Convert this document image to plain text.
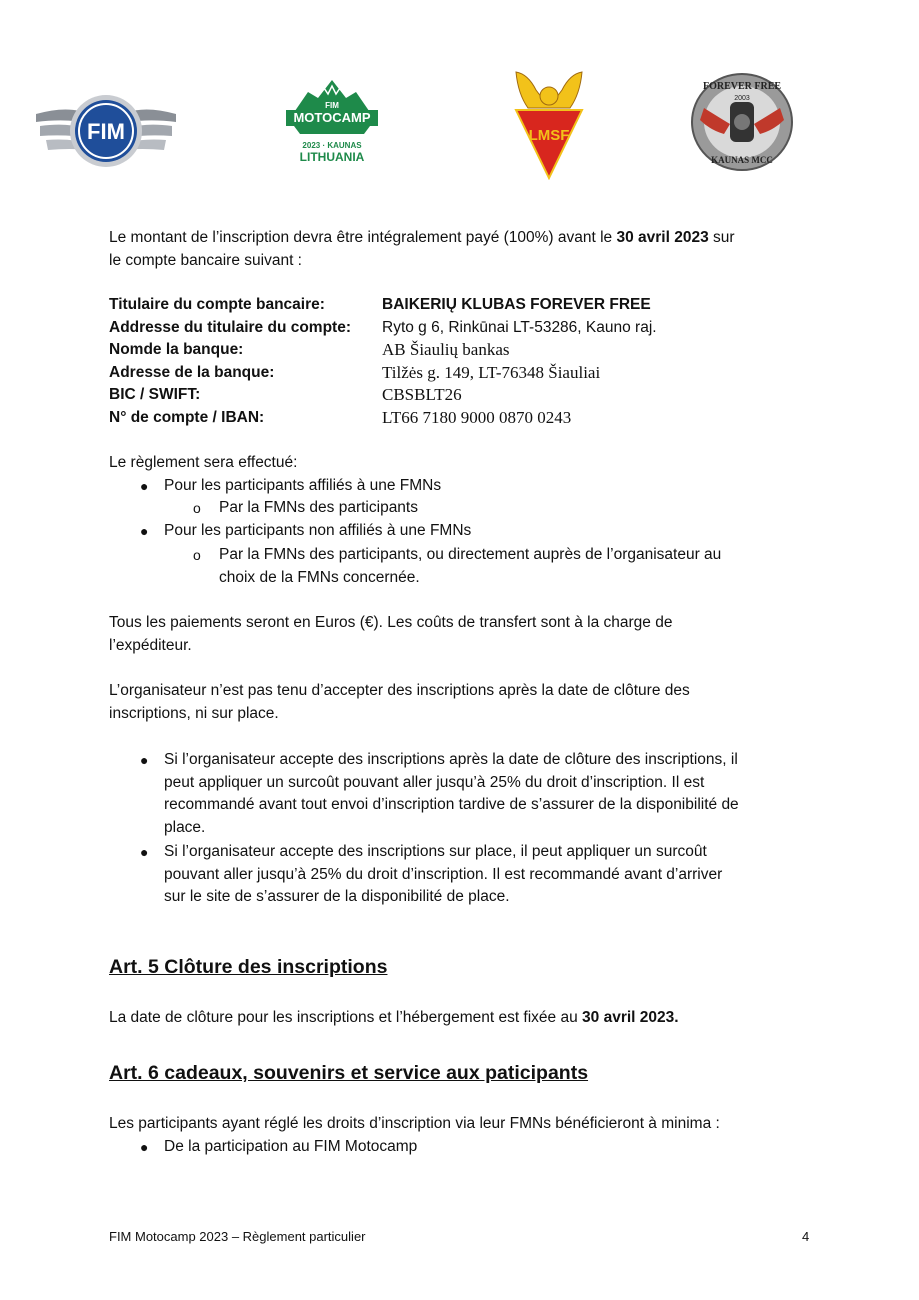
FIM
FIM
MOTOCAMP
2023 · KAUNAS
LITHUANIA
LMSF
FOREVER FREE
2003
KAUNAS MCC
Le montant de l’inscription devra être intégralement payé (100%) avant le 30 avril 2023 sur
le compte bancaire suivant :
Titulaire du compte bancaire:	BAIKERIŲ KLUBAS FOREVER FREE
Addresse du titulaire du compte: Ryto g 6, Rinkūnai LT-53286, Kauno raj.
Nomde la banque:	AB Šiaulių bankas
Adresse de la banque:	Tilžės g. 149, LT-76348 Šiauliai
BIC / SWIFT:	CBSBLT26
N° de compte / IBAN:	LT66 7180 9000 0870 0243
Le règlement sera effectué:
● Pour les participants affiliés à une FMNs
o Par la FMNs des participants
● Pour les participants non affiliés à une FMNs
o Par la FMNs des participants, ou directement auprès de l’organisateur au
choix de la FMNs concernée.
Tous les paiements seront en Euros (€). Les coûts de transfert sont à la charge de
l’expéditeur.
L’organisateur n’est pas tenu d’accepter des inscriptions après la date de clôture des
inscriptions, ni sur place.
● Si l’organisateur accepte des inscriptions après la date de clôture des inscriptions, il
peut appliquer un surcoût pouvant aller jusqu’à 25% du droit d’inscription. Il est
recommandé avant tout envoi d’inscription tardive de s’assurer de la disponibilité de
place.
● Si l’organisateur accepte des inscriptions sur place, il peut appliquer un surcoût
pouvant aller jusqu’à 25% du droit d’inscription. Il est recommandé avant d’arriver
sur le site de s’assurer de la disponibilité de place.
Art. 5 Clôture des inscriptions
La date de clôture pour les inscriptions et l’hébergement est fixée au 30 avril 2023.
Art. 6 cadeaux, souvenirs et service aux paticipants
Les participants ayant réglé les droits d’inscription via leur FMNs bénéficieront à minima :
● De la participation au FIM Motocamp
FIM Motocamp 2023 – Règlement particulier	4
